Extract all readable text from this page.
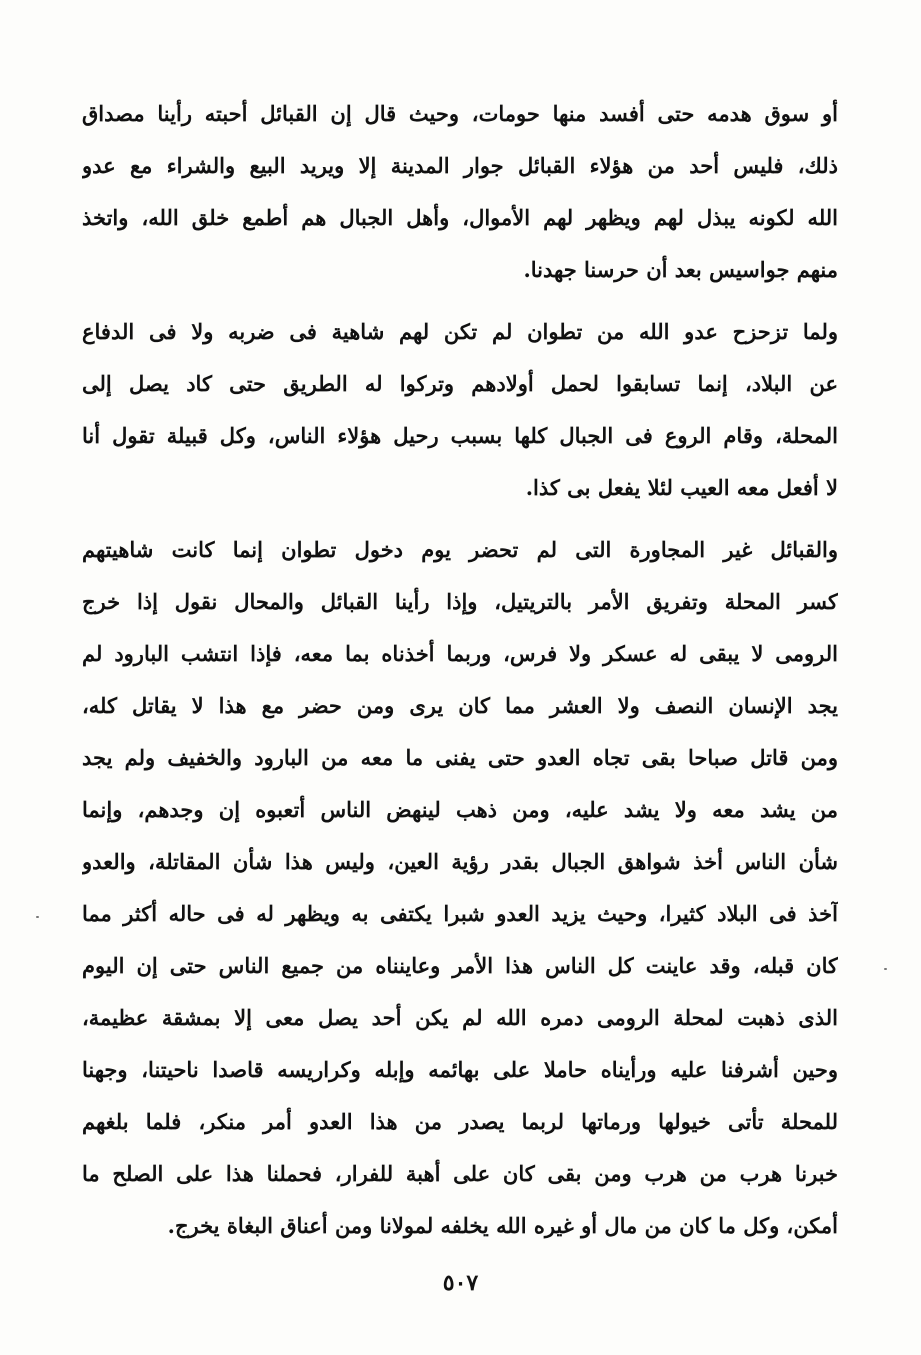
أو سوق هدمه حتى أفسد منها حومات، وحيث قال إن القبائل أحبته رأينا مصداق
ذلك، فليس أحد من هؤلاء القبائل جوار المدينة إلا ويريد البيع والشراء مع عدو
الله لكونه يبذل لهم ويظهر لهم الأموال، وأهل الجبال هم أطمع خلق الله، واتخذ
منهم جواسيس بعد أن حرسنا جهدنا.
ولما تزحزح عدو الله من تطوان لم تكن لهم شاهية فى ضربه ولا فى الدفاع
عن البلاد، إنما تسابقوا لحمل أولادهم وتركوا له الطريق حتى كاد يصل إلى
المحلة، وقام الروع فى الجبال كلها بسبب رحيل هؤلاء الناس، وكل قبيلة تقول أنا
لا أفعل معه العيب لئلا يفعل بى كذا.
والقبائل غير المجاورة التى لم تحضر يوم دخول تطوان إنما كانت شاهيتهم
كسر المحلة وتفريق الأمر بالتريتيل، وإذا رأينا القبائل والمحال نقول إذا خرج
الرومى لا يبقى له عسكر ولا فرس، وربما أخذناه بما معه، فإذا انتشب البارود لم
يجد الإنسان النصف ولا العشر مما كان يرى ومن حضر مع هذا لا يقاتل كله،
ومن قاتل صباحا بقى تجاه العدو حتى يفنى ما معه من البارود والخفيف ولم يجد
من يشد معه ولا يشد عليه، ومن ذهب لينهض الناس أتعبوه إن وجدهم، وإنما
شأن الناس أخذ شواهق الجبال بقدر رؤية العين، وليس هذا شأن المقاتلة، والعدو
آخذ فى البلاد كثيرا، وحيث يزيد العدو شبرا يكتفى به ويظهر له فى حاله أكثر مما
كان قبله، وقد عاينت كل الناس هذا الأمر وعاينناه من جميع الناس حتى إن اليوم
الذى ذهبت لمحلة الرومى دمره الله لم يكن أحد يصل معى إلا بمشقة عظيمة،
وحين أشرفنا عليه ورأيناه حاملا على بهائمه وإبله وكراريسه قاصدا ناحيتنا، وجهنا
للمحلة تأتى خيولها ورماتها لربما يصدر من هذا العدو أمر منكر، فلما بلغهم
خبرنا هرب من هرب ومن بقى كان على أهبة للفرار، فحملنا هذا على الصلح ما
أمكن، وكل ما كان من مال أو غيره الله يخلفه لمولانا ومن أعناق البغاة يخرج.
٥٠٧
